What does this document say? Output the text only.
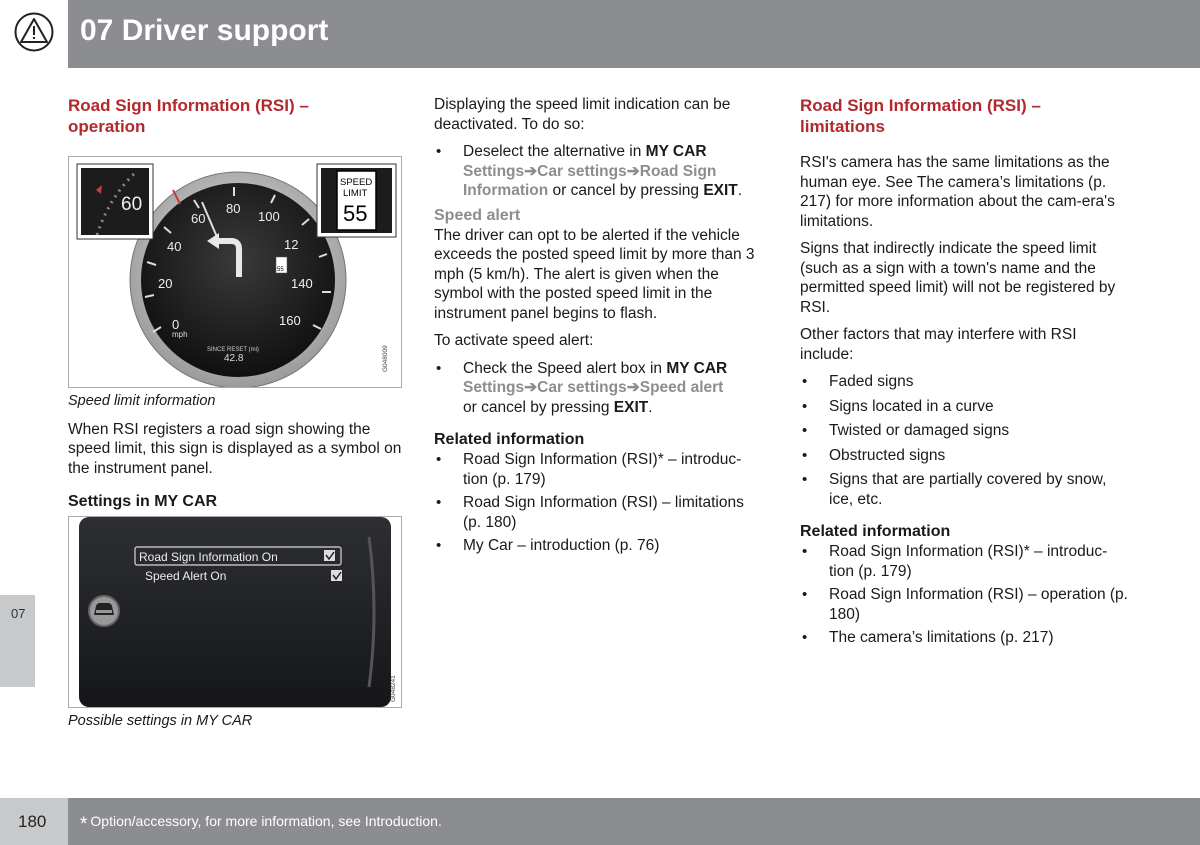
07 Driver support
07
Road Sign Information (RSI) –
operation
0
20
40
60
80
100
12
140
160
mph
55
SINCE RESET (mi)
42.8
60
SPEED
LIMIT
55
G048009

Speed limit information

When RSI registers a road sign showing the speed limit, this sign is displayed as a symbol on the instrument panel.

Settings in MY CAR
Road Sign Information On
Speed Alert On
G048241

Possible settings in MY CAR

Displaying the speed limit indication can be deactivated. To do so:

• Deselect the alternative in MY CAR
Settings➔Car settings➔Road Sign Information or cancel by pressing EXIT.
Speed alert

The driver can opt to be alerted if the vehicle exceeds the posted speed limit by more than 3 mph (5 km/h). The alert is given when the symbol with the posted speed limit in the instrument panel begins to flash.

To activate speed alert:

• Check the Speed alert box in MY CAR
Settings➔Car settings➔Speed alert
or cancel by pressing EXIT.
Related information
• Road Sign Information (RSI)* – introduc-tion (p. 179)
• Road Sign Information (RSI) – limitations (p. 180)
• My Car – introduction (p. 76)
Road Sign Information (RSI) –
limitations

RSI's camera has the same limitations as the human eye. See The camera’s limitations (p. 217) for more information about the cam-era's limitations.

Signs that indirectly indicate the speed limit (such as a sign with a town's name and the permitted speed limit) will not be registered by RSI.

Other factors that may interfere with RSI include:

• Faded signs
• Signs located in a curve
• Twisted or damaged signs
• Obstructed signs
• Signs that are partially covered by snow, ice, etc.
Related information
• Road Sign Information (RSI)* – introduc-tion (p. 179)
• Road Sign Information (RSI) – operation (p. 180)
• The camera’s limitations (p. 217)
180 * Option/accessory, for more information, see Introduction.
